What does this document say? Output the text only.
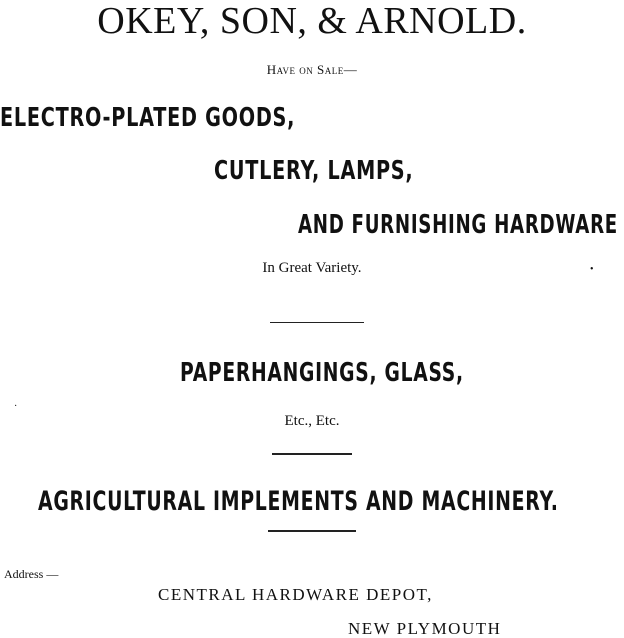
OKEY, SON, & ARNOLD.
Have on Sale—
ELECTRO-PLATED GOODS,
CUTLERY, LAMPS,
AND FURNISHING HARDWARE
In Great Variety.	•
PAPERHANGINGS, GLASS,
·
Etc., Etc.
AGRICULTURAL IMPLEMENTS AND MACHINERY.
Address —
CENTRAL HARDWARE DEPOT,
NEW PLYMOUTH
